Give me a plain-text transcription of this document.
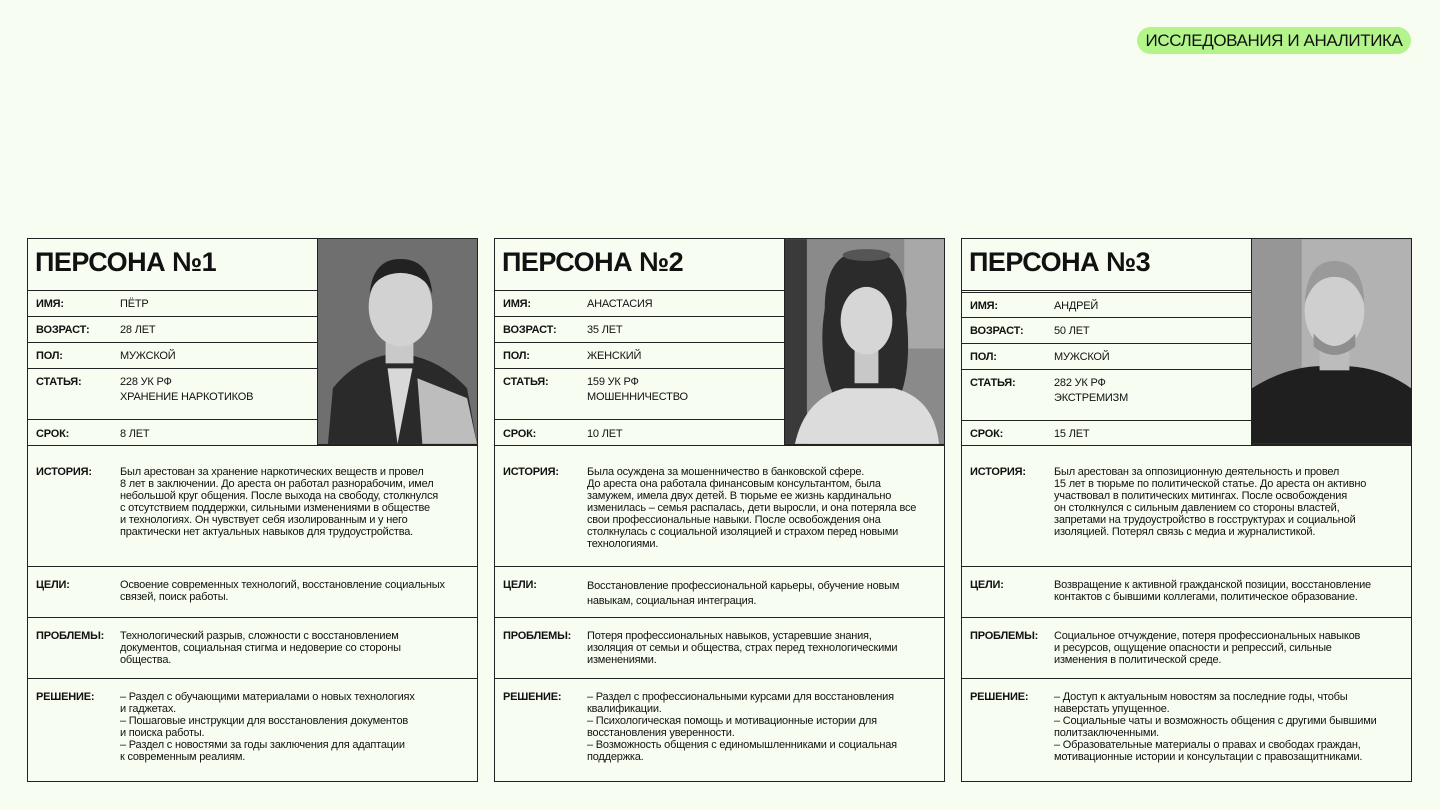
ИССЛЕДОВАНИЯ И АНАЛИТИКА
ПЕРСОНА №1
ИМЯ:	ПЁТР
ВОЗРАСТ:	28 ЛЕТ
ПОЛ:	МУЖСКОЙ
СТАТЬЯ:	228 УК РФ
ХРАНЕНИЕ НАРКОТИКОВ
СРОК:	8 ЛЕТ
ИСТОРИЯ:	Был арестован за хранение наркотических веществ и провел
8 лет в заключении. До ареста он работал разнорабочим, имел
небольшой круг общения. После выхода на свободу, столкнулся
с отсутствием поддержки, сильными изменениями в обществе
и технологиях. Он чувствует себя изолированным и у него
практически нет актуальных навыков для трудоустройства.
ЦЕЛИ:	Освоение современных технологий, восстановление социальных
связей, поиск работы.
ПРОБЛЕМЫ: Технологический разрыв, сложности с восстановлением
документов, социальная стигма и недоверие со стороны
общества.
РЕШЕНИЕ: – Раздел с обучающими материалами о новых технологиях
и гаджетах.
– Пошаговые инструкции для восстановления документов
и поиска работы.
– Раздел с новостями за годы заключения для адаптации
к современным реалиям.
ПЕРСОНА №2
ИМЯ:	АНАСТАСИЯ
ВОЗРАСТ:	35 ЛЕТ
ПОЛ:	ЖЕНСКИЙ
СТАТЬЯ:	159 УК РФ
МОШЕННИЧЕСТВО
СРОК:	10 ЛЕТ
ИСТОРИЯ:	Была осуждена за мошенничество в банковской сфере.
До ареста она работала финансовым консультантом, была
замужем, имела двух детей. В тюрьме ее жизнь кардинально
изменилась – семья распалась, дети выросли, и она потеряла все
свои профессиональные навыки. После освобождения она
столкнулась с социальной изоляцией и страхом перед новыми
технологиями.
ЦЕЛИ:	Восстановление профессиональной карьеры, обучение новым
навыкам, социальная интеграция.
ПРОБЛЕМЫ: Потеря профессиональных навыков, устаревшие знания,
изоляция от семьи и общества, страх перед технологическими
изменениями.
РЕШЕНИЕ: – Раздел с профессиональными курсами для восстановления
квалификации.
– Психологическая помощь и мотивационные истории для
восстановления уверенности.
– Возможность общения с единомышленниками и социальная
поддержка.
ПЕРСОНА №3
ИМЯ:	АНДРЕЙ
ВОЗРАСТ:	50 ЛЕТ
ПОЛ:	МУЖСКОЙ
СТАТЬЯ:	282 УК РФ
ЭКСТРЕМИЗМ
СРОК:	15 ЛЕТ
ИСТОРИЯ:	Был арестован за оппозиционную деятельность и провел
15 лет в тюрьме по политической статье. До ареста он активно
участвовал в политических митингах. После освобождения
он столкнулся с сильным давлением со стороны властей,
запретами на трудоустройство в госструктурах и социальной
изоляцией. Потерял связь с медиа и журналистикой.
ЦЕЛИ:	Возвращение к активной гражданской позиции, восстановление
контактов с бывшими коллегами, политическое образование.
ПРОБЛЕМЫ: Социальное отчуждение, потеря профессиональных навыков
и ресурсов, ощущение опасности и репрессий, сильные
изменения в политической среде.
РЕШЕНИЕ: – Доступ к актуальным новостям за последние годы, чтобы
наверстать упущенное.
– Социальные чаты и возможность общения с другими бывшими
политзаключенными.
– Образовательные материалы о правах и свободах граждан,
мотивационные истории и консультации с правозащитниками.
